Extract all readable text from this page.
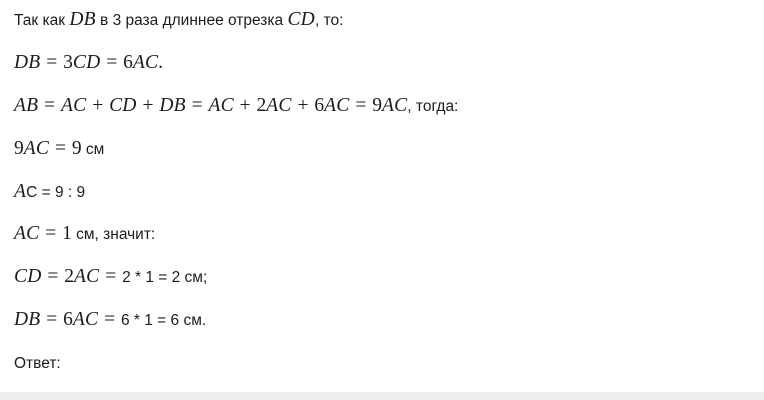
Так как DB в 3 раза длиннее отрезка CD, то:
DB = 3CD = 6AC.
AB = AC + CD + DB = AC + 2AC + 6AC = 9AC, тогда:
9AC = 9 см
AС = 9 : 9
AC = 1 см, значит:
CD = 2AC = 2 * 1 = 2 см;
DB = 6AC = 6 * 1 = 6 см.
Ответ:
